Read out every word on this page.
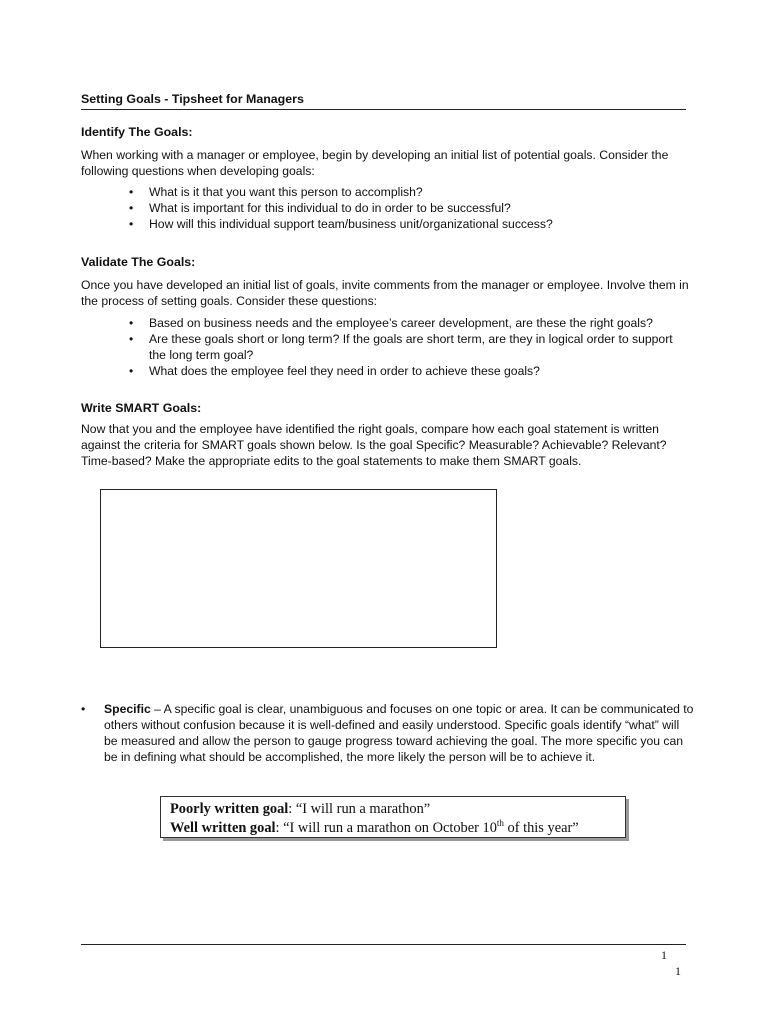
Setting Goals - Tipsheet for Managers
Identify The Goals:
When working with a manager or employee, begin by developing an initial list of potential goals. Consider the following questions when developing goals:
• What is it that you want this person to accomplish?
• What is important for this individual to do in order to be successful?
• How will this individual support team/business unit/organizational success?
Validate The Goals:
Once you have developed an initial list of goals, invite comments from the manager or employee. Involve them in the process of setting goals. Consider these questions:
• Based on business needs and the employee’s career development, are these the right goals?
• Are these goals short or long term? If the goals are short term, are they in logical order to support the long term goal?
• What does the employee feel they need in order to achieve these goals?
Write SMART Goals:
Now that you and the employee have identified the right goals, compare how each goal statement is written against the criteria for SMART goals shown below. Is the goal Specific? Measurable? Achievable? Relevant? Time-based? Make the appropriate edits to the goal statements to make them SMART goals.
• Specific – A specific goal is clear, unambiguous and focuses on one topic or area. It can be communicated to others without confusion because it is well-defined and easily understood. Specific goals identify “what” will be measured and allow the person to gauge progress toward achieving the goal. The more specific you can be in defining what should be accomplished, the more likely the person will be to achieve it.
Poorly written goal: “I will run a marathon”
Well written goal: “I will run a marathon on October 10th of this year”
1
1
